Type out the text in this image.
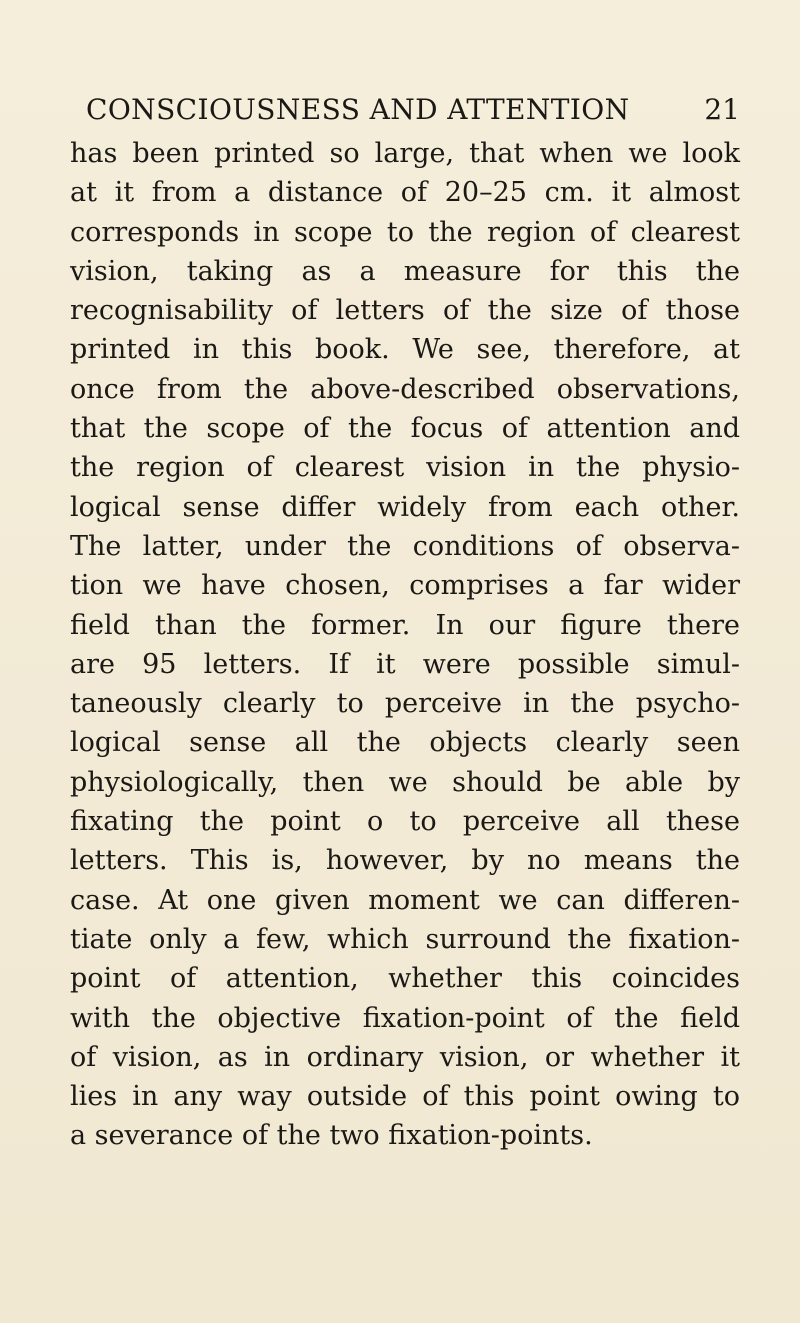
CONSCIOUSNESS AND ATTENTION	21
has been printed so large, that when we look
at it from a distance of 20–25 cm. it almost
corresponds in scope to the region of clearest
vision, taking as a measure for this the
recognisability of letters of the size of those
printed in this book. We see, therefore, at
once from the above-described observations,
that the scope of the focus of attention and
the region of clearest vision in the physio-
logical sense differ widely from each other.
The latter, under the conditions of observa-
tion we have chosen, comprises a far wider
field than the former. In our figure there
are 95 letters. If it were possible simul-
taneously clearly to perceive in the psycho-
logical sense all the objects clearly seen
physiologically, then we should be able by
fixating the point o to perceive all these
letters. This is, however, by no means the
case. At one given moment we can differen-
tiate only a few, which surround the fixation-
point of attention, whether this coincides
with the objective fixation-point of the field
of vision, as in ordinary vision, or whether it
lies in any way outside of this point owing to
a severance of the two fixation-points.
